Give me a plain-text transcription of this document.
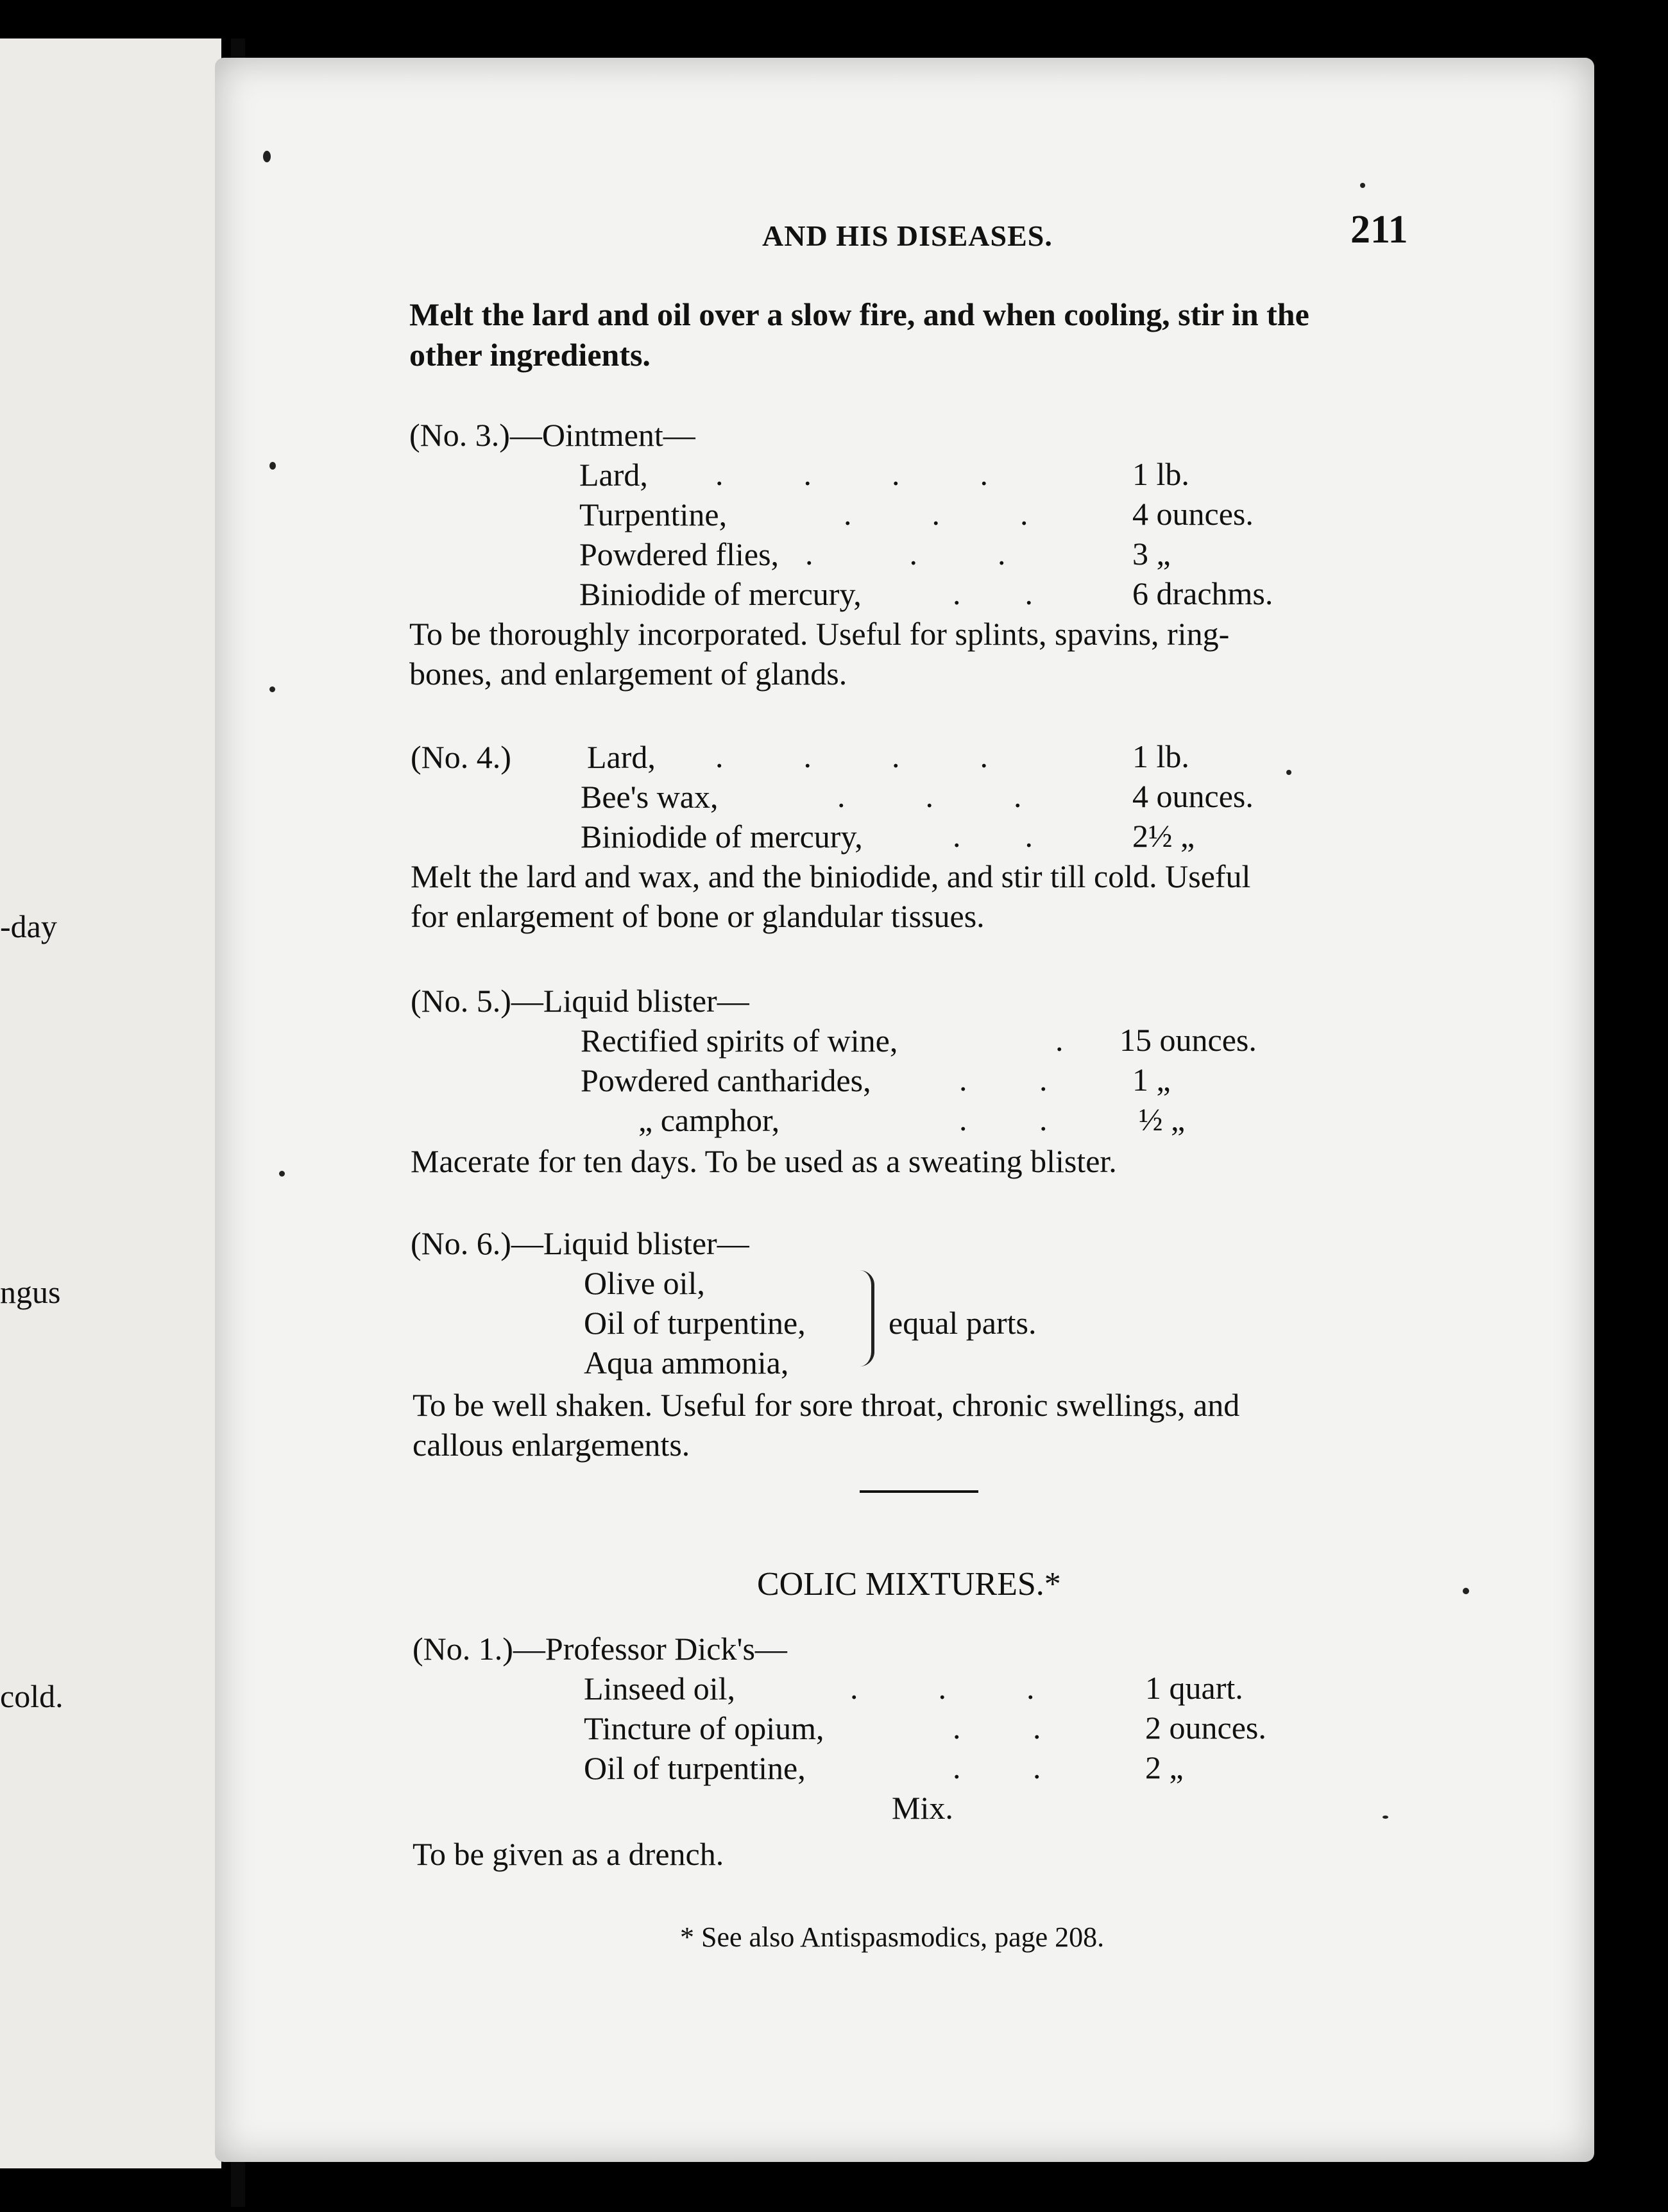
-day
ngus
cold.
AND HIS DISEASES.	211
Melt the lard and oil over a slow fire, and when cooling, stir in the
other ingredients.
(No. 3.)—Ointment—
Lard, .          .          .          .	1 lb.
Turpentine,	.          .          .	4 ounces.
Powdered flies, .            .          .	3 „
Biniodide of mercury,	.        .	6 drachms.
To be thoroughly incorporated. Useful for splints, spavins, ring-
bones, and enlargement of glands.
(No. 4.) Lard, .          .          .          .	1 lb.
Bee's wax,	.          .          .	4 ounces.
Biniodide of mercury,	.        .	2½ „
Melt the lard and wax, and the biniodide, and stir till cold. Useful
for enlargement of bone or glandular tissues.
(No. 5.)—Liquid blister—
Rectified spirits of wine,	. 15 ounces.
Powdered cantharides,	.         .	1 „
„ camphor,	.         .	½ „
Macerate for ten days. To be used as a sweating blister.
(No. 6.)—Liquid blister—
Olive oil,
Oil of turpentine,
Aqua ammonia,
equal parts.
To be well shaken. Useful for sore throat, chronic swellings, and
callous enlargements.
COLIC MIXTURES.*
(No. 1.)—Professor Dick's—
Linseed oil,	.          .          .	1 quart.
Tincture of opium,	.         .	2 ounces.
Oil of turpentine,	.         .	2 „
Mix.
To be given as a drench.
* See also Antispasmodics, page 208.
